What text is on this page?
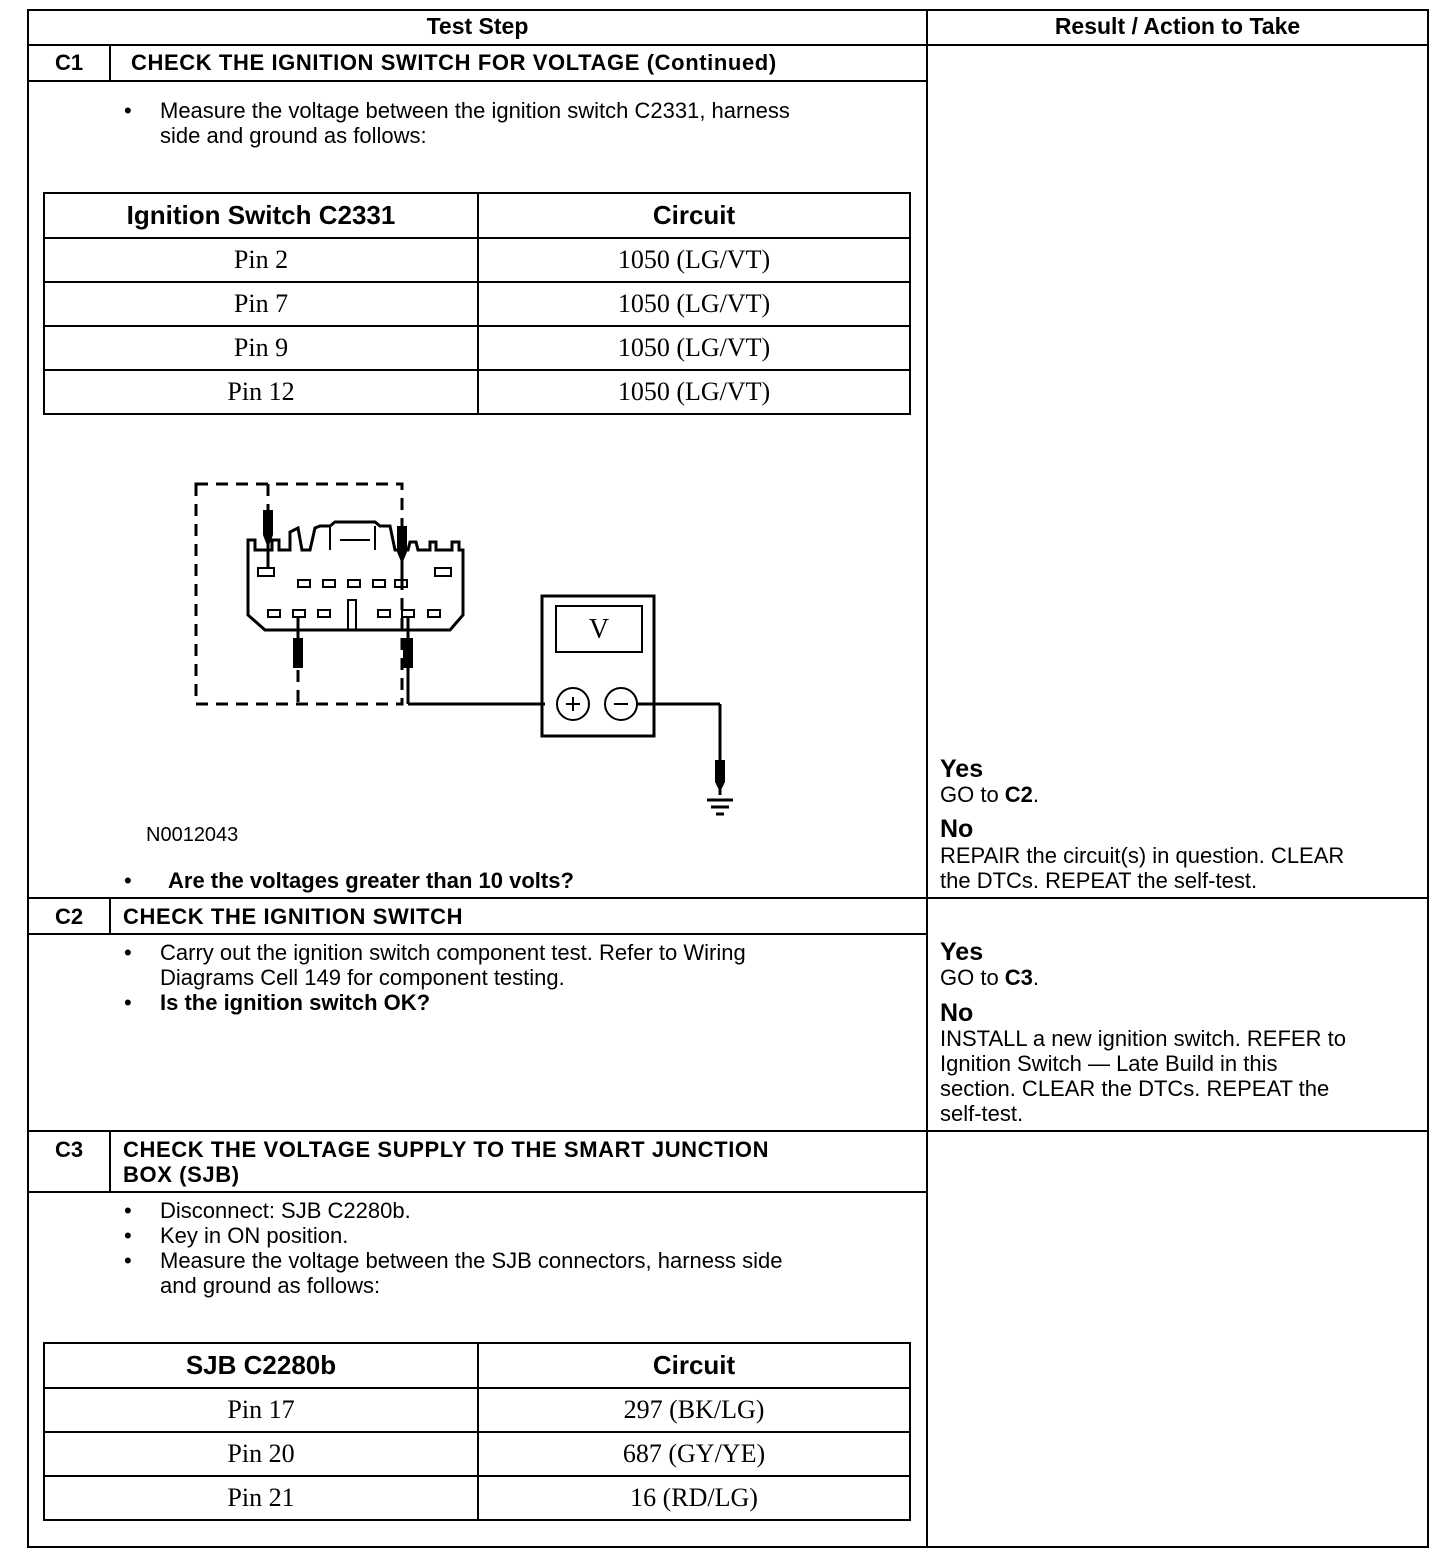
Test Step	Result / Action to Take
C1	CHECK THE IGNITION SWITCH FOR VOLTAGE (Continued)
• Measure the voltage between the ignition switch C2331, harness
side and ground as follows:
Ignition Switch C2331	Circuit
Pin 2	1050 (LG/VT)
Pin 7	1050 (LG/VT)
Pin 9	1050 (LG/VT)
Pin 12	1050 (LG/VT)
V
N0012043
• Are the voltages greater than 10 volts?
Yes
GO to C2.
No
REPAIR the circuit(s) in question. CLEAR
the DTCs. REPEAT the self-test.
C2	CHECK THE IGNITION SWITCH
• Carry out the ignition switch component test. Refer to Wiring
Diagrams Cell 149 for component testing.
• Is the ignition switch OK?
Yes
GO to C3.
No
INSTALL a new ignition switch. REFER to
Ignition Switch — Late Build in this
section. CLEAR the DTCs. REPEAT the
self-test.
C3	CHECK THE VOLTAGE SUPPLY TO THE SMART JUNCTION
BOX (SJB)
• Disconnect: SJB C2280b.
• Key in ON position.
• Measure the voltage between the SJB connectors, harness side
and ground as follows:
SJB C2280b	Circuit
Pin 17	297 (BK/LG)
Pin 20	687 (GY/YE)
Pin 21	16 (RD/LG)
